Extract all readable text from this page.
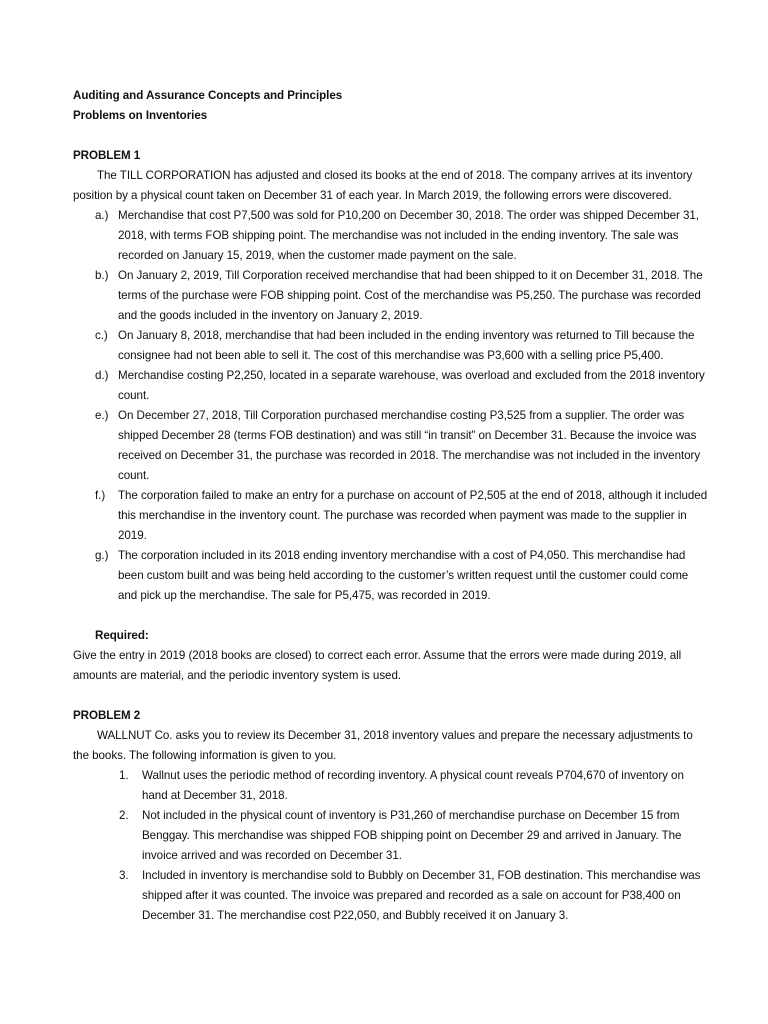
Auditing and Assurance Concepts and Principles

Problems on Inventories

PROBLEM 1

The TILL CORPORATION has adjusted and closed its books at the end of 2018. The company arrives at its inventory position by a physical count taken on December 31 of each year. In March 2019, the following errors were discovered.

a.) Merchandise that cost P7,500 was sold for P10,200 on December 30, 2018. The order was shipped December 31, 2018, with terms FOB shipping point. The merchandise was not included in the ending inventory. The sale was recorded on January 15, 2019, when the customer made payment on the sale.
b.) On January 2, 2019, Till Corporation received merchandise that had been shipped to it on December 31, 2018. The terms of the purchase were FOB shipping point. Cost of the merchandise was P5,250. The purchase was recorded and the goods included in the inventory on January 2, 2019.
c.) On January 8, 2018, merchandise that had been included in the ending inventory was returned to Till because the consignee had not been able to sell it. The cost of this merchandise was P3,600 with a selling price P5,400.
d.) Merchandise costing P2,250, located in a separate warehouse, was overload and excluded from the 2018 inventory count.
e.) On December 27, 2018, Till Corporation purchased merchandise costing P3,525 from a supplier. The order was shipped December 28 (terms FOB destination) and was still “in transit” on December 31. Because the invoice was received on December 31, the purchase was recorded in 2018. The merchandise was not included in the inventory count.
f.) The corporation failed to make an entry for a purchase on account of P2,505 at the end of 2018, although it included this merchandise in the inventory count. The purchase was recorded when payment was made to the supplier in 2019.
g.) The corporation included in its 2018 ending inventory merchandise with a cost of P4,050. This merchandise had been custom built and was being held according to the customer’s written request until the customer could come and pick up the merchandise. The sale for P5,475, was recorded in 2019.

Required:

Give the entry in 2019 (2018 books are closed) to correct each error. Assume that the errors were made during 2019, all amounts are material, and the periodic inventory system is used.

PROBLEM 2

WALLNUT Co. asks you to review its December 31, 2018 inventory values and prepare the necessary adjustments to the books. The following information is given to you.

1. Wallnut uses the periodic method of recording inventory. A physical count reveals P704,670 of inventory on hand at December 31, 2018.
2. Not included in the physical count of inventory is P31,260 of merchandise purchase on December 15 from Benggay. This merchandise was shipped FOB shipping point on December 29 and arrived in January. The invoice arrived and was recorded on December 31.
3. Included in inventory is merchandise sold to Bubbly on December 31, FOB destination. This merchandise was shipped after it was counted. The invoice was prepared and recorded as a sale on account for P38,400 on December 31. The merchandise cost P22,050, and Bubbly received it on January 3.
